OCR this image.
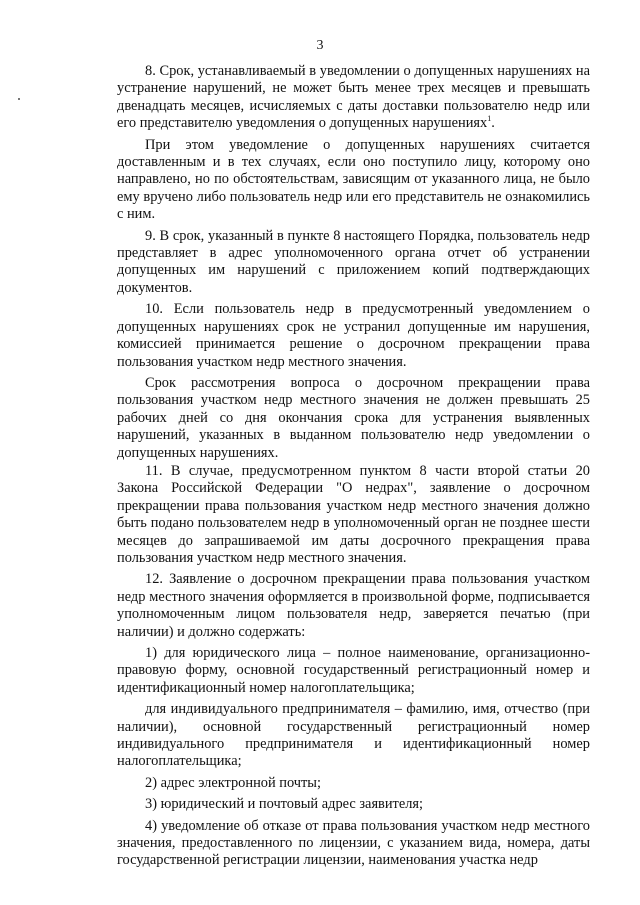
3

8. Срок, устанавливаемый в уведомлении о допущенных нарушениях на устранение нарушений, не может быть менее трех месяцев и превышать двенадцать месяцев, исчисляемых с даты доставки пользователю недр или его представителю уведомления о допущенных нарушениях$^1$.

При этом уведомление о допущенных нарушениях считается доставленным и в тех случаях, если оно поступило лицу, которому оно направлено, но по обстоятельствам, зависящим от указанного лица, не было ему вручено либо пользователь недр или его представитель не ознакомились с ним.

9. В срок, указанный в пункте 8 настоящего Порядка, пользователь недр представляет в адрес уполномоченного органа отчет об устранении допущенных им нарушений с приложением копий подтверждающих документов.

10. Если пользователь недр в предусмотренный уведомлением о допущенных нарушениях срок не устранил допущенные им нарушения, комиссией принимается решение о досрочном прекращении права пользования участком недр местного значения.

Срок рассмотрения вопроса о досрочном прекращении права пользования участком недр местного значения не должен превышать 25 рабочих дней со дня окончания срока для устранения выявленных нарушений, указанных в выданном пользователю недр уведомлении о допущенных нарушениях.

11. В случае, предусмотренном пунктом 8 части второй статьи 20 Закона Российской Федерации "О недрах", заявление о досрочном прекращении права пользования участком недр местного значения должно быть подано пользователем недр в уполномоченный орган не позднее шести месяцев до запрашиваемой им даты досрочного прекращения права пользования участком недр местного значения.

12. Заявление о досрочном прекращении права пользования участком недр местного значения оформляется в произвольной форме, подписывается уполномоченным лицом пользователя недр, заверяется печатью (при наличии) и должно содержать:

1) для юридического лица – полное наименование, организационно-правовую форму, основной государственный регистрационный номер и идентификационный номер налогоплательщика;

для индивидуального предпринимателя – фамилию, имя, отчество (при наличии), основной государственный регистрационный номер индивидуального предпринимателя и идентификационный номер налогоплательщика;

2) адрес электронной почты;

3) юридический и почтовый адрес заявителя;

4) уведомление об отказе от права пользования участком недр местного значения, предоставленного по лицензии, с указанием вида, номера, даты государственной регистрации лицензии, наименования участка недр
